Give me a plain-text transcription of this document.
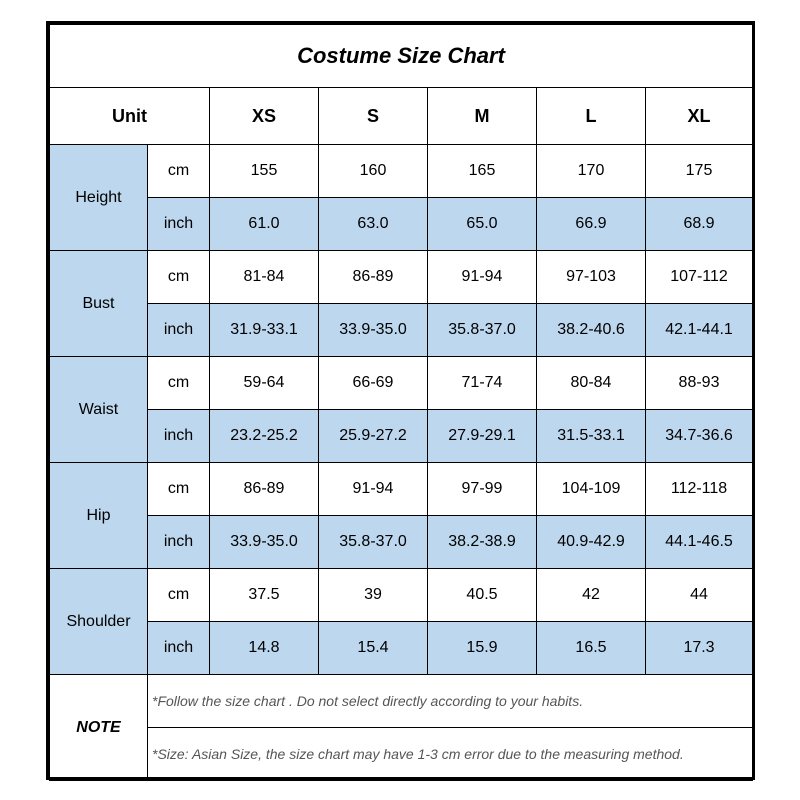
Costume Size Chart						
Unit		XS	S	M	L	XL
Height	cm	155	160	165	170	175
	inch	61.0	63.0	65.0	66.9	68.9
Bust	cm	81-84	86-89	91-94	97-103	107-112
	inch	31.9-33.1	33.9-35.0	35.8-37.0	38.2-40.6	42.1-44.1
Waist	cm	59-64	66-69	71-74	80-84	88-93
	inch	23.2-25.2	25.9-27.2	27.9-29.1	31.5-33.1	34.7-36.6
Hip	cm	86-89	91-94	97-99	104-109	112-118
	inch	33.9-35.0	35.8-37.0	38.2-38.9	40.9-42.9	44.1-46.5
Shoulder	cm	37.5	39	40.5	42	44
	inch	14.8	15.4	15.9	16.5	17.3
NOTE	*Follow the size chart . Do not select directly according to your habits.					
	*Size: Asian Size, the size chart may have 1-3 cm error due to the measuring method.					
